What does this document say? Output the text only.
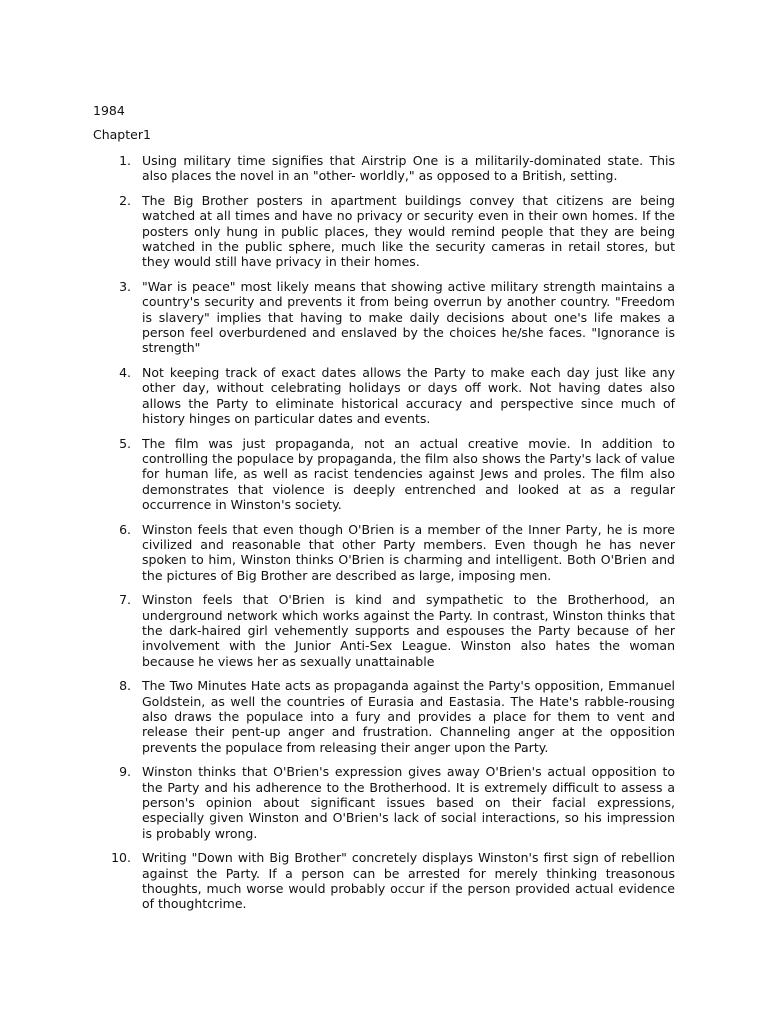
1984
Chapter1
1. Using military time signifies that Airstrip One is a militarily-dominated state. This also places the novel in an "other- worldly," as opposed to a British, setting.
2. The Big Brother posters in apartment buildings convey that citizens are being watched at all times and have no privacy or security even in their own homes. If the posters only hung in public places, they would remind people that they are being watched in the public sphere, much like the security cameras in retail stores, but they would still have privacy in their homes.
3. "War is peace" most likely means that showing active military strength maintains a country's security and prevents it from being overrun by another country. "Freedom is slavery" implies that having to make daily decisions about one's life makes a person feel overburdened and enslaved by the choices he/she faces. "Ignorance is strength"
4. Not keeping track of exact dates allows the Party to make each day just like any other day, without celebrating holidays or days off work. Not having dates also allows the Party to eliminate historical accuracy and perspective since much of history hinges on particular dates and events.
5. The film was just propaganda, not an actual creative movie. In addition to controlling the populace by propaganda, the film also shows the Party's lack of value for human life, as well as racist tendencies against Jews and proles. The film also demonstrates that violence is deeply entrenched and looked at as a regular occurrence in Winston's society.
6. Winston feels that even though O'Brien is a member of the Inner Party, he is more civilized and reasonable that other Party members. Even though he has never spoken to him, Winston thinks O'Brien is charming and intelligent. Both O'Brien and the pictures of Big Brother are described as large, imposing men.
7. Winston feels that O'Brien is kind and sympathetic to the Brotherhood, an underground network which works against the Party. In contrast, Winston thinks that the dark-haired girl vehemently supports and espouses the Party because of her involvement with the Junior Anti-Sex League. Winston also hates the woman because he views her as sexually unattainable
8. The Two Minutes Hate acts as propaganda against the Party's opposition, Emmanuel Goldstein, as well the countries of Eurasia and Eastasia. The Hate's rabble-rousing also draws the populace into a fury and provides a place for them to vent and release their pent-up anger and frustration. Channeling anger at the opposition prevents the populace from releasing their anger upon the Party.
9. Winston thinks that O'Brien's expression gives away O'Brien's actual opposition to the Party and his adherence to the Brotherhood. It is extremely difficult to assess a person's opinion about significant issues based on their facial expressions, especially given Winston and O'Brien's lack of social interactions, so his impression is probably wrong.
10. Writing "Down with Big Brother" concretely displays Winston's first sign of rebellion against the Party. If a person can be arrested for merely thinking treasonous thoughts, much worse would probably occur if the person provided actual evidence of thoughtcrime.
